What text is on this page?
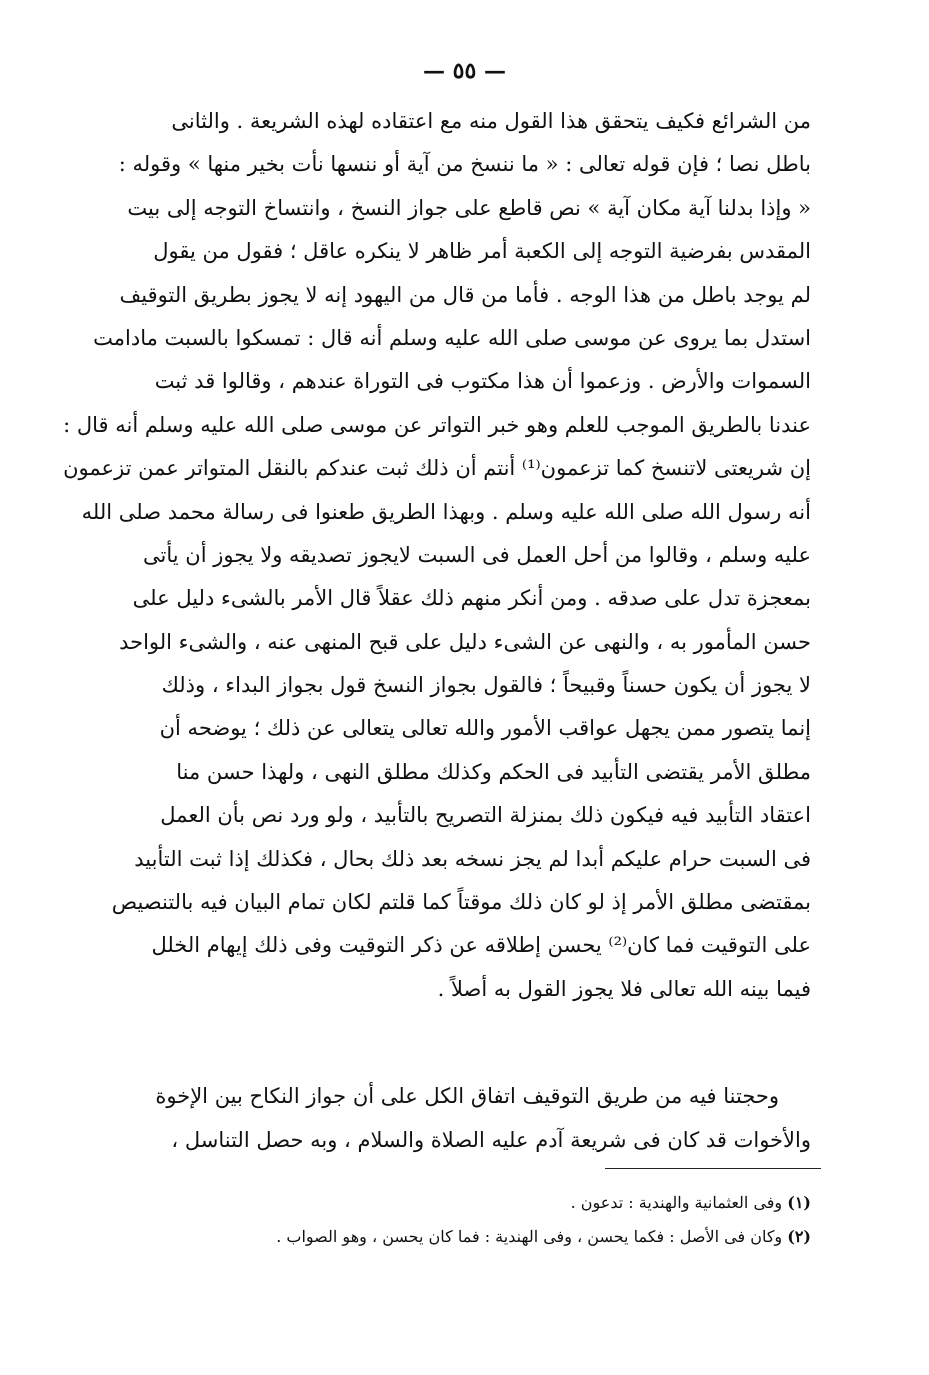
— ٥٥ —
من الشرائع فكيف يتحقق هذا القول منه مع اعتقاده لهذه الشريعة . والثانى
باطل نصا ؛ فإن قوله تعالى : « ما ننسخ من آية أو ننسها نأت بخير منها » وقوله :
« وإذا بدلنا آية مكان آية » نص قاطع على جواز النسخ ، وانتساخ التوجه إلى بيت
المقدس بفرضية التوجه إلى الكعبة أمر ظاهر لا ينكره عاقل ؛ فقول من يقول
لم يوجد باطل من هذا الوجه . فأما من قال من اليهود إنه لا يجوز بطريق التوقيف
استدل بما يروى عن موسى صلى الله عليه وسلم أنه قال : تمسكوا بالسبت مادامت
السموات والأرض . وزعموا أن هذا مكتوب فى التوراة عندهم ، وقالوا قد ثبت
عندنا بالطريق الموجب للعلم وهو خبر التواتر عن موسى صلى الله عليه وسلم أنه قال :
إن شريعتى لاتنسخ كما تزعمون⁽¹⁾ أنتم أن ذلك ثبت عندكم بالنقل المتواتر عمن تزعمون
أنه رسول الله صلى الله عليه وسلم . وبهذا الطريق طعنوا فى رسالة محمد صلى الله
عليه وسلم ، وقالوا من أحل العمل فى السبت لايجوز تصديقه ولا يجوز أن يأتى
بمعجزة تدل على صدقه . ومن أنكر منهم ذلك عقلاً قال الأمر بالشىء دليل على
حسن المأمور به ، والنهى عن الشىء دليل على قبح المنهى عنه ، والشىء الواحد
لا يجوز أن يكون حسناً وقبيحاً ؛ فالقول بجواز النسخ قول بجواز البداء ، وذلك
إنما يتصور ممن يجهل عواقب الأمور والله تعالى يتعالى عن ذلك ؛ يوضحه أن
مطلق الأمر يقتضى التأبيد فى الحكم وكذلك مطلق النهى ، ولهذا حسن منا
اعتقاد التأبيد فيه فيكون ذلك بمنزلة التصريح بالتأبيد ، ولو ورد نص بأن العمل
فى السبت حرام عليكم أبدا لم يجز نسخه بعد ذلك بحال ، فكذلك إذا ثبت التأبيد
بمقتضى مطلق الأمر إذ لو كان ذلك موقتاً كما قلتم لكان تمام البيان فيه بالتنصيص
على التوقيت فما كان⁽²⁾ يحسن إطلاقه عن ذكر التوقيت وفى ذلك إيهام الخلل
فيما بينه الله تعالى فلا يجوز القول به أصلاً .
وحجتنا فيه من طريق التوقيف اتفاق الكل على أن جواز النكاح بين الإخوة
والأخوات قد كان فى شريعة آدم عليه الصلاة والسلام ، وبه حصل التناسل ،
(١) وفى العثمانية والهندية : تدعون .
(٢) وكان فى الأصل : فكما يحسن ، وفى الهندية : فما كان يحسن ، وهو الصواب .
